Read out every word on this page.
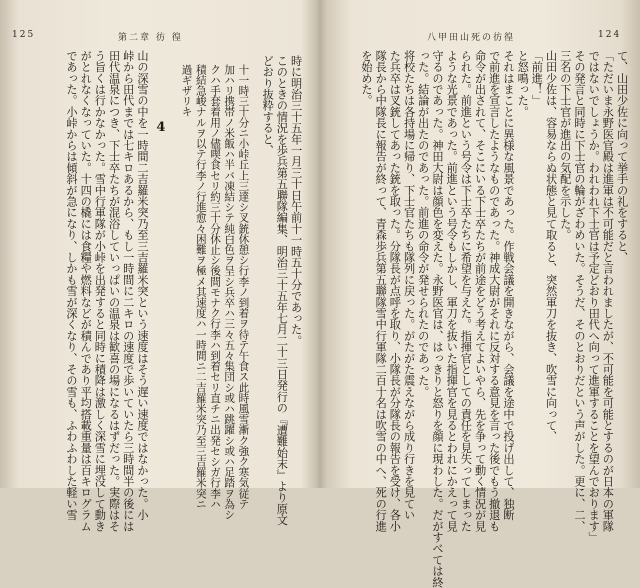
124
八甲田山死の彷徨
て、山田少佐に向って挙手の礼をすると、
「ただいま永野医官殿は進軍は不可能だと言われましたが、不可能を可能とするのが日本の軍隊
ではないでしょうか。われわれ下士官は予定どおり田代へ向って進軍することを望んでおります」
その発言と同時に下士官の輪がざわめいた。そうだ、そのとおりだという声がした。更に、二、
三名の下士官が進出の気配を示した。
山田少佐は、容易ならぬ状態と見て取ると、突然軍刀を抜き、吹雪に向って、
「前進！」
と怒鳴った。
それはまことに異様な風景であった。作戦会議を開きながら、会議を途中で投げ出して、独断
で前進を宣言したようなものであった。神成大尉がそれに反対する意見を言った後でもう撤退も
命令が出されて、そこにいる下士卒たちが前途をどう考えてよいやら、先を争って動く情況が見
られた。前進という号令は下士卒たちに希望を与えた。指揮官としての責任を見失ってしまった
ような光景であった。前進という号令もしかし、軍刀を抜いた指揮官を見るとわれにかえって見
守るのであった。神田大尉は顔色を変えた。永野医官は、はっきりと怒りを顔に現わした。だがすべては終
った。結論が出たのであった。前進の命令が発せられたのであった。
将校たちは各持場に帰り、下士官たちも隊列に戻った。がたがた震えながら成り行きを見てい
た兵卒は叉銃してあった銃を取った。分隊長が点呼を取り、小隊長が分隊長の報告を受け、各小
隊長から中隊長に報告が終って、青森歩兵第五聯隊雪中行軍隊二百十名は吹雪の中へ、死の行進
を始めた。
125	第二章 彷 徨
時に明治三十五年一月三十日午前十一時五十分であった。
このときの情況を歩兵第五聯隊編集、明治三十五年七月二十三日発行の『遭難始末』より原文
どおり抜粋すると、
十一時三十分ニ小峠丘上三達シ叉銃休憩シ行李ノ到着ヲ待テ午食ス此時風雪漸ク強ク寒気従テ
加ハリ携帯ノ米飯ハ半バ凍結シテ純白色ヲ呈シ兵卒ハ三々五々集団シ或ハ跳躍シ或ハ足踏ヲ為シ
クハ手套着用ノ儘喫食セリ約三十分休止シ後間モナク行李ハ到着セリ直チニ出発セシガ行李ハ
積結急峻ナルヲ以テ行李ノ行進愈々困難ヲ極メ其速度ハ一時間ニ二吉羅米突乃至三吉羅米突ニ
過ギザリキ
4
山の深雪の中を一時間二吉羅米突乃至三吉羅米突という速度はそう遅い速度ではなかった。小
峠から田代までは七キロあるから、もし一時間に二キロの速度で歩いていたら三時間半の後には
田代温泉につき、下士卒たちが混浴していっぱいの温泉は歓喜の場になるはずだった。実際はそ
う旨くは行かなかった。雪中行軍隊が小峠を出発すると同時に積降は激しく深雪に埋没して動き
がとれなくなっていた。十四の橇には食糧や燃料などが積んであり平均搭載重量は百キログラム
であった。小峠からは傾斜が急になり、しかも雪が深くなり、その雪も、ふわふわした軽い雪
